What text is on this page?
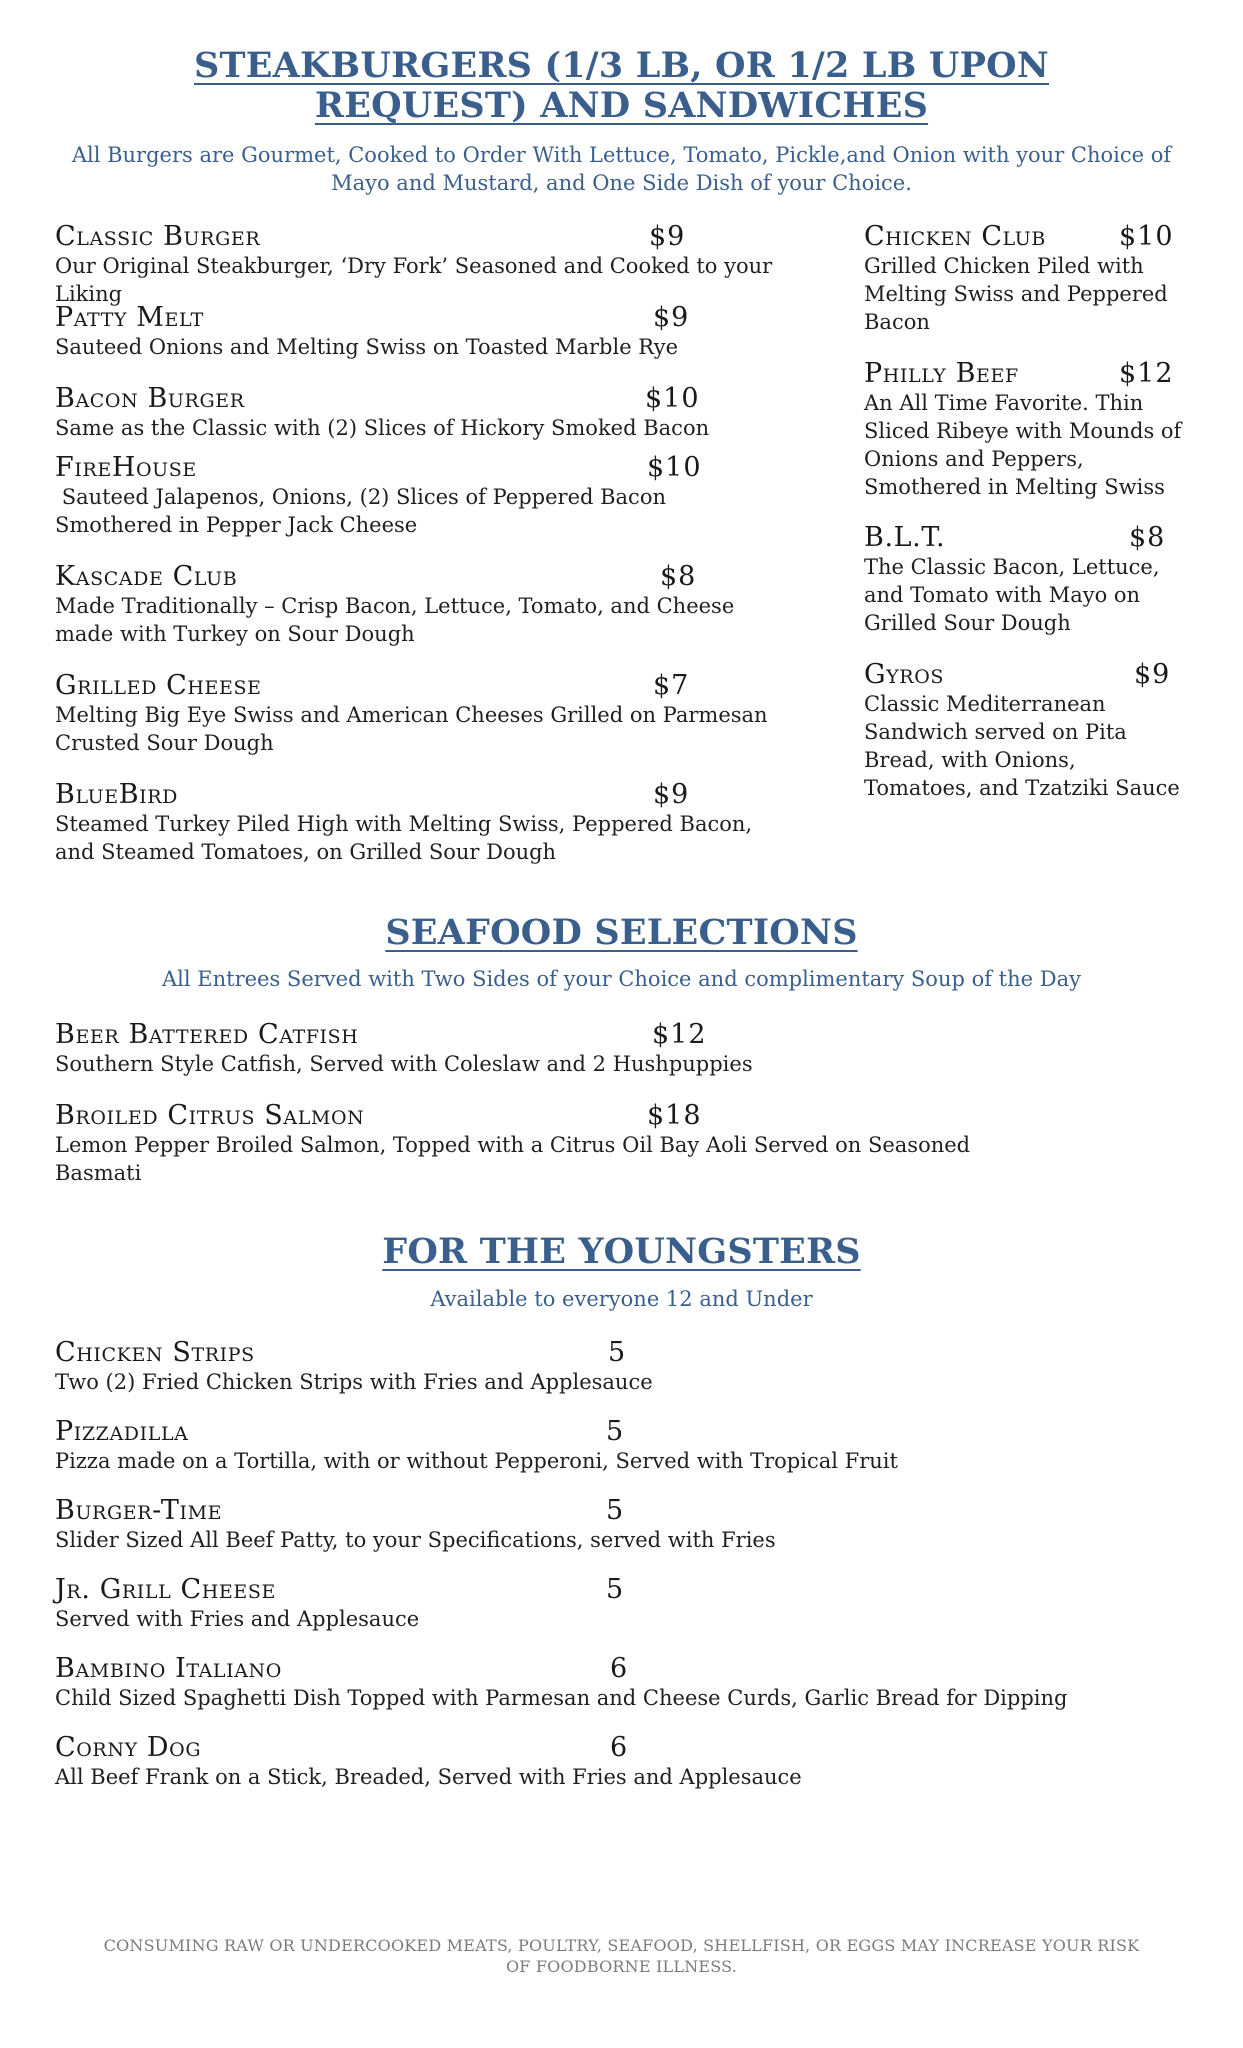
STEAKBURGERS (1/3 LB, OR 1/2 LB UPON REQUEST) AND SANDWICHES
All Burgers are Gourmet, Cooked to Order With Lettuce, Tomato, Pickle,and Onion with your Choice of Mayo and Mustard, and One Side Dish of your Choice.
Classic Burger	$9
Our Original Steakburger, ‘Dry Fork’ Seasoned and Cooked to your Liking
Patty Melt	$9
Sauteed Onions and Melting Swiss on Toasted Marble Rye
Bacon Burger	$10
Same as the Classic with (2) Slices of Hickory Smoked Bacon
FireHouse	$10
Sauteed Jalapenos, Onions, (2) Slices of Peppered Bacon Smothered in Pepper Jack Cheese
Kascade Club	$8
Made Traditionally – Crisp Bacon, Lettuce, Tomato, and Cheese made with Turkey on Sour Dough
Grilled Cheese	$7
Melting Big Eye Swiss and American Cheeses Grilled on Parmesan Crusted Sour Dough
BlueBird	$9
Steamed Turkey Piled High with Melting Swiss, Peppered Bacon, and Steamed Tomatoes, on Grilled Sour Dough
Chicken Club	$10
Grilled Chicken Piled with Melting Swiss and Peppered Bacon
Philly Beef	$12
An All Time Favorite. Thin Sliced Ribeye with Mounds of Onions and Peppers, Smothered in Melting Swiss
B.L.T.	$8
The Classic Bacon, Lettuce, and Tomato with Mayo on Grilled Sour Dough
Gyros	$9
Classic Mediterranean Sandwich served on Pita Bread, with Onions, Tomatoes, and Tzatziki Sauce
SEAFOOD SELECTIONS
All Entrees Served with Two Sides of your Choice and complimentary Soup of the Day
Beer Battered Catfish	$12
Southern Style Catfish, Served with Coleslaw and 2 Hushpuppies
Broiled Citrus Salmon	$18
Lemon Pepper Broiled Salmon, Topped with a Citrus Oil Bay Aoli Served on Seasoned Basmati
FOR THE YOUNGSTERS
Available to everyone 12 and Under
Chicken Strips	5
Two (2) Fried Chicken Strips with Fries and Applesauce
Pizzadilla	5
Pizza made on a Tortilla, with or without Pepperoni, Served with Tropical Fruit
Burger-Time	5
Slider Sized All Beef Patty, to your Specifications, served with Fries
Jr. Grill Cheese	5
Served with Fries and Applesauce
Bambino Italiano	6
Child Sized Spaghetti Dish Topped with Parmesan and Cheese Curds, Garlic Bread for Dipping
Corny Dog	6
All Beef Frank on a Stick, Breaded, Served with Fries and Applesauce
CONSUMING RAW OR UNDERCOOKED MEATS, POULTRY, SEAFOOD, SHELLFISH, OR EGGS MAY INCREASE YOUR RISK OF FOODBORNE ILLNESS.
